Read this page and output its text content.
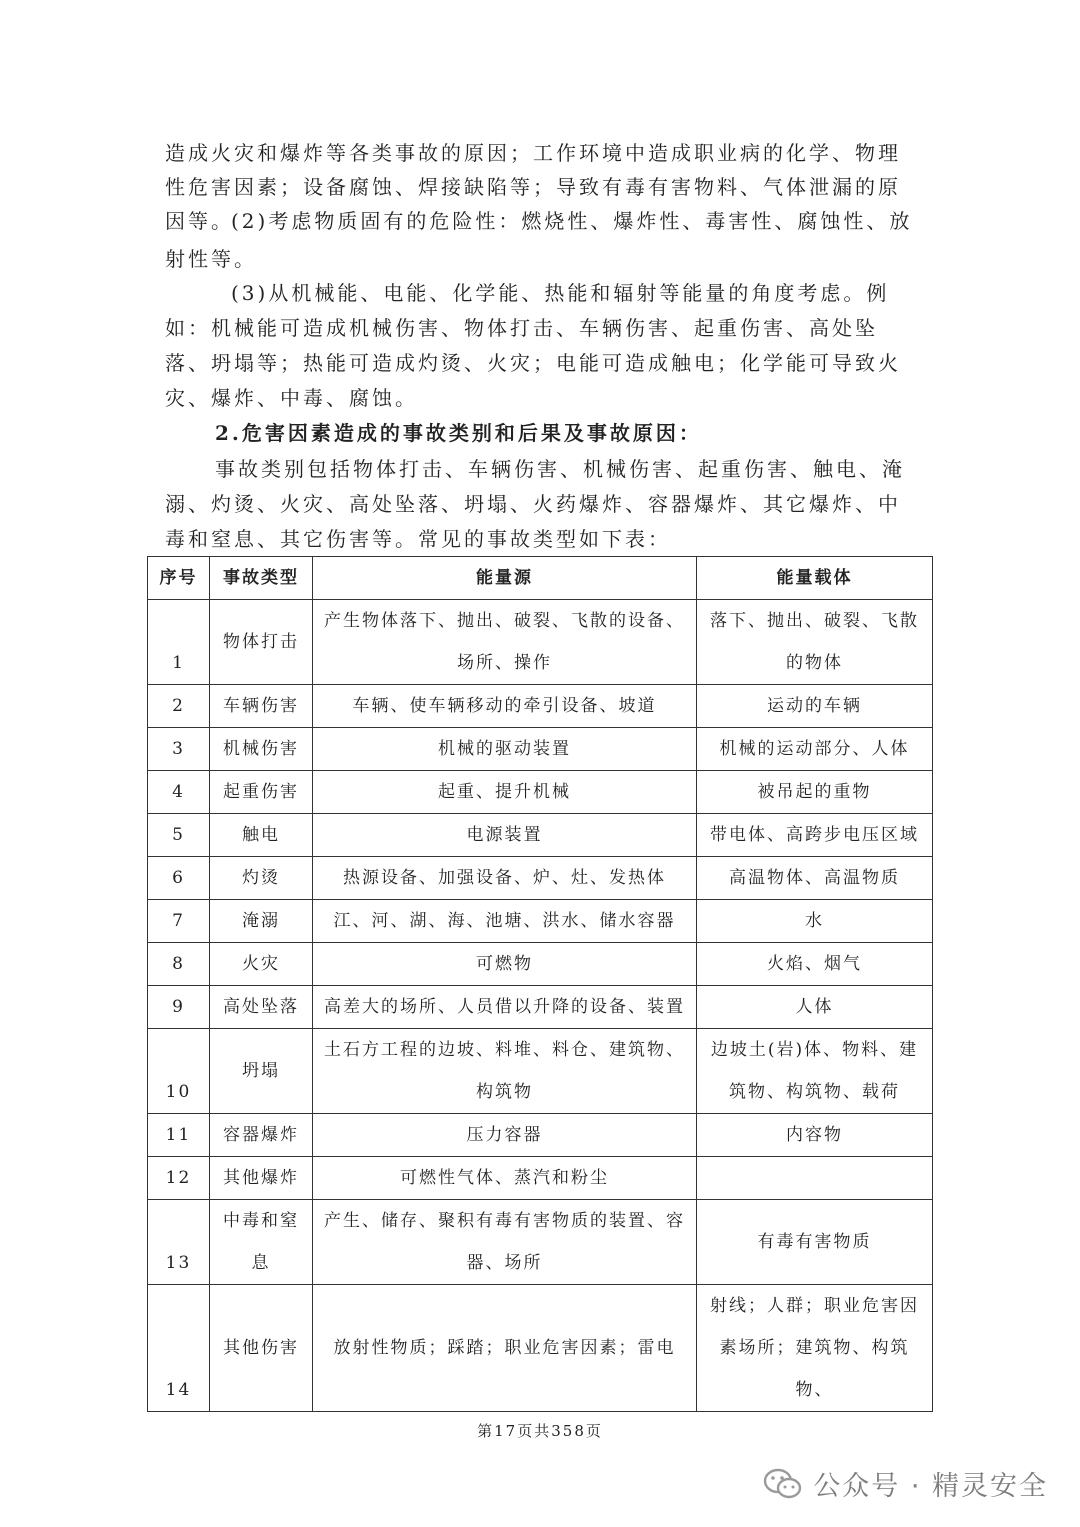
造成火灾和爆炸等各类事故的原因；工作环境中造成职业病的化学、物理性危害因素；设备腐蚀、焊接缺陷等；导致有毒有害物料、气体泄漏的原因等。

(2)考虑物质固有的危险性：燃烧性、爆炸性、毒害性、腐蚀性、放射性等。

(3)从机械能、电能、化学能、热能和辐射等能量的角度考虑。例如：机械能可造成机械伤害、物体打击、车辆伤害、起重伤害、高处坠落、坍塌等；热能可造成灼烫、火灾；电能可造成触电；化学能可导致火灾、爆炸、中毒、腐蚀。

2.危害因素造成的事故类别和后果及事故原因：

事故类别包括物体打击、车辆伤害、机械伤害、起重伤害、触电、淹溺、灼烫、火灾、高处坠落、坍塌、火药爆炸、容器爆炸、其它爆炸、中毒和窒息、其它伤害等。常见的事故类型如下表：

序号	事故类型	能量源	能量载体
1	物体打击	产生物体落下、抛出、破裂、飞散的设备、场所、操作	落下、抛出、破裂、飞散的物体
2	车辆伤害	车辆、使车辆移动的牵引设备、坡道	运动的车辆
3	机械伤害	机械的驱动装置	机械的运动部分、人体
4	起重伤害	起重、提升机械	被吊起的重物
5	触电	电源装置	带电体、高跨步电压区域
6	灼烫	热源设备、加强设备、炉、灶、发热体	高温物体、高温物质
7	淹溺	江、河、湖、海、池塘、洪水、储水容器	水
8	火灾	可燃物	火焰、烟气
9	高处坠落	高差大的场所、人员借以升降的设备、装置	人体
10	坍塌	土石方工程的边坡、料堆、料仓、建筑物、构筑物	边坡土(岩)体、物料、建筑物、构筑物、载荷
11	容器爆炸	压力容器	内容物
12	其他爆炸	可燃性气体、蒸汽和粉尘	
13	中毒和窒息	产生、储存、聚积有毒有害物质的装置、容器、场所	有毒有害物质
14	其他伤害	放射性物质；踩踏；职业危害因素；雷电	射线；人群；职业危害因素场所；建筑物、构筑物、
第17页共358页
公众号 · 精灵安全
